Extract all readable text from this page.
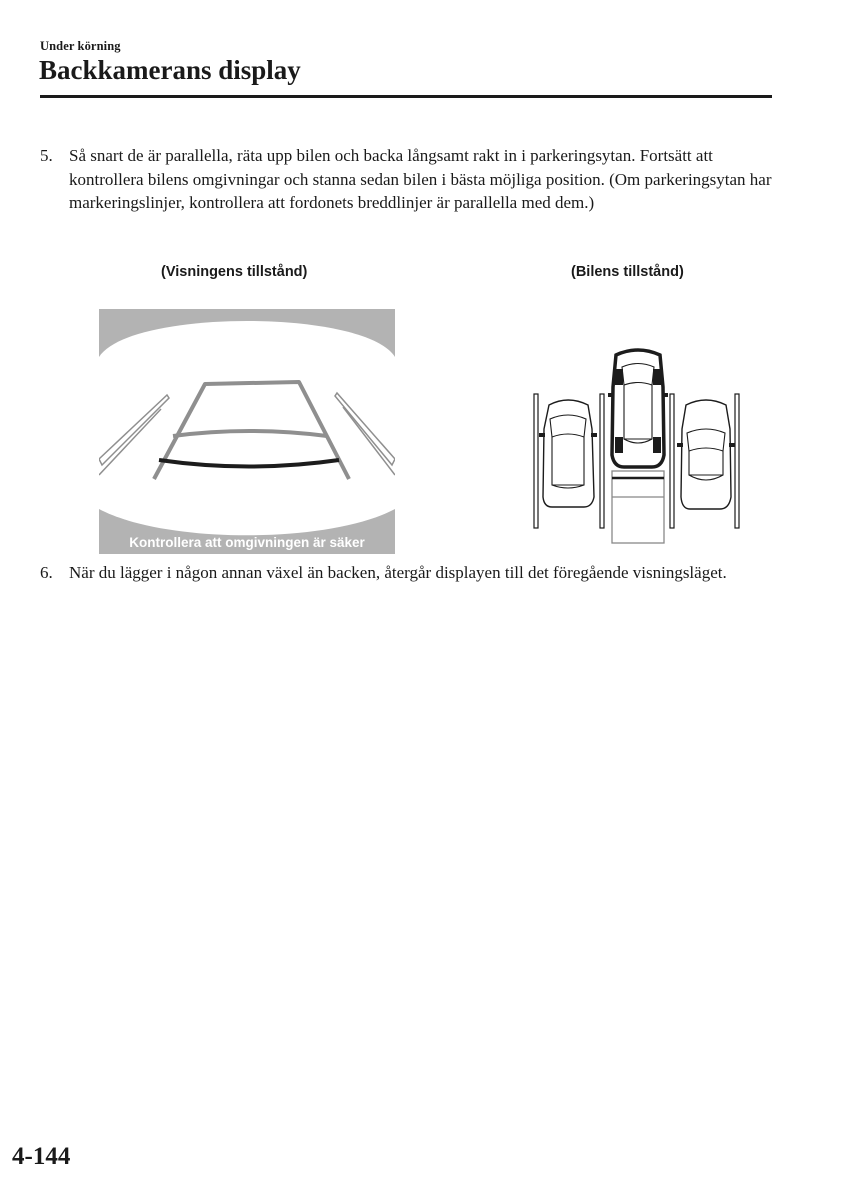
Under körning
Backkamerans display
5. Så snart de är parallella, räta upp bilen och backa långsamt rakt in i parkeringsytan. Fortsätt att kontrollera bilens omgivningar och stanna sedan bilen i bästa möjliga position. (Om parkeringsytan har markeringslinjer, kontrollera att fordonets breddlinjer är parallella med dem.)
(Visningens tillstånd)	(Bilens tillstånd)
Kontrollera att omgivningen är säker
6. När du lägger i någon annan växel än backen, återgår displayen till det föregående visningsläget.
4-144
